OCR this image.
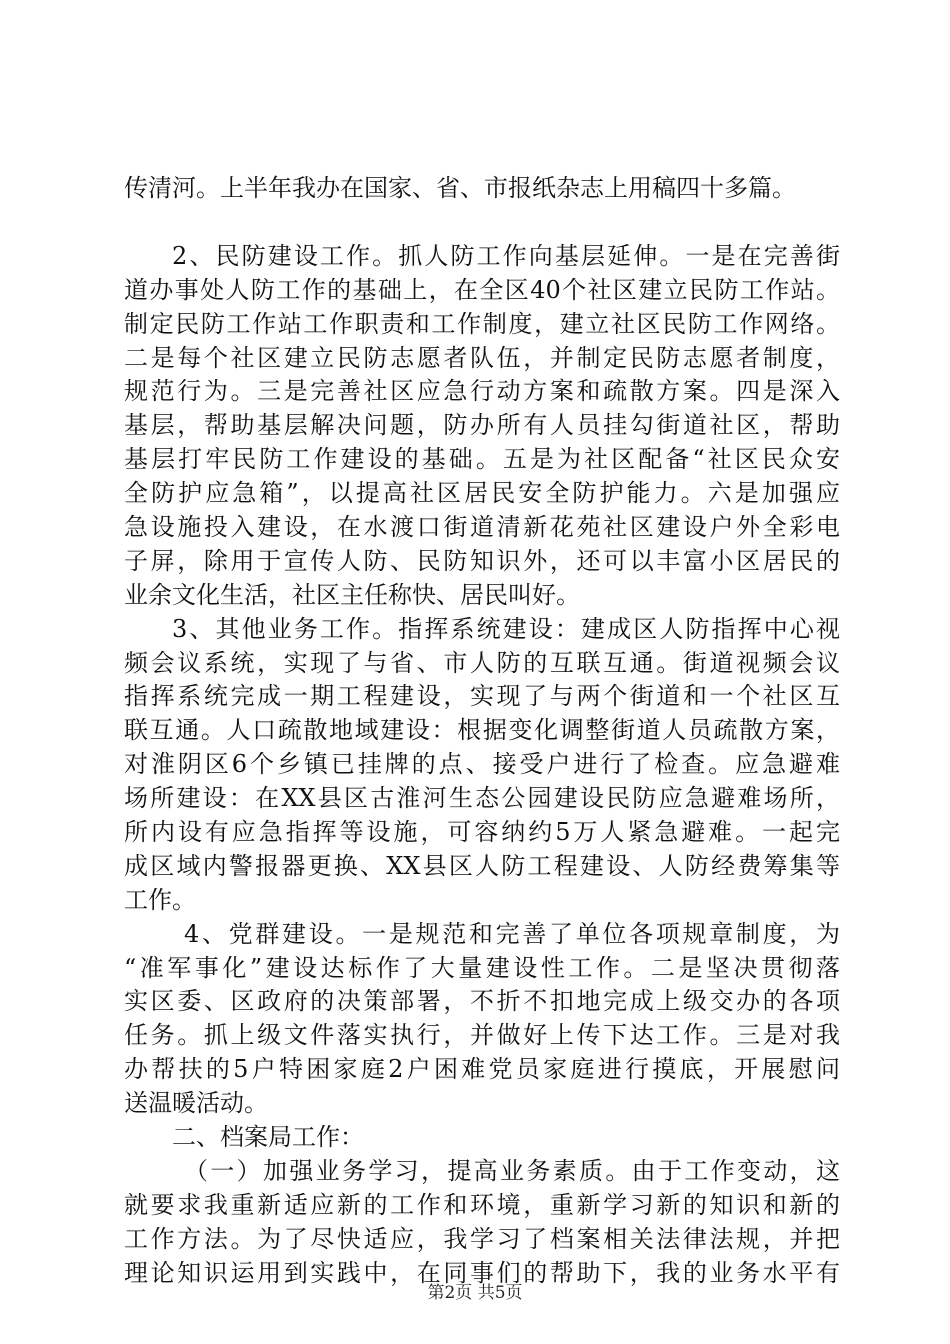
传清河。上半年我办在国家、省、市报纸杂志上用稿四十多篇。
2、民防建设工作。抓人防工作向基层延伸。一是在完善街
道办事处人防工作的基础上，在全区40个社区建立民防工作站。
制定民防工作站工作职责和工作制度，建立社区民防工作网络。
二是每个社区建立民防志愿者队伍，并制定民防志愿者制度，
规范行为。三是完善社区应急行动方案和疏散方案。四是深入
基层，帮助基层解决问题，防办所有人员挂勾街道社区，帮助
基层打牢民防工作建设的基础。五是为社区配备“社区民众安
全防护应急箱”，以提高社区居民安全防护能力。六是加强应
急设施投入建设，在水渡口街道清新花苑社区建设户外全彩电
子屏，除用于宣传人防、民防知识外，还可以丰富小区居民的
业余文化生活，社区主任称快、居民叫好。
3、其他业务工作。指挥系统建设：建成区人防指挥中心视
频会议系统，实现了与省、市人防的互联互通。街道视频会议
指挥系统完成一期工程建设，实现了与两个街道和一个社区互
联互通。人口疏散地域建设：根据变化调整街道人员疏散方案，
对淮阴区6个乡镇已挂牌的点、接受户进行了检查。应急避难
场所建设：在XX县区古淮河生态公园建设民防应急避难场所，
所内设有应急指挥等设施，可容纳约5万人紧急避难。一起完
成区域内警报器更换、XX县区人防工程建设、人防经费筹集等
工作。
4、党群建设。一是规范和完善了单位各项规章制度，为
“准军事化”建设达标作了大量建设性工作。二是坚决贯彻落
实区委、区政府的决策部署，不折不扣地完成上级交办的各项
任务。抓上级文件落实执行，并做好上传下达工作。三是对我
办帮扶的5户特困家庭2户困难党员家庭进行摸底，开展慰问
送温暖活动。
二、档案局工作：
（一）加强业务学习，提高业务素质。由于工作变动，这
就要求我重新适应新的工作和环境，重新学习新的知识和新的
工作方法。为了尽快适应，我学习了档案相关法律法规，并把
理论知识运用到实践中，在同事们的帮助下，我的业务水平有
第2页 共5页
